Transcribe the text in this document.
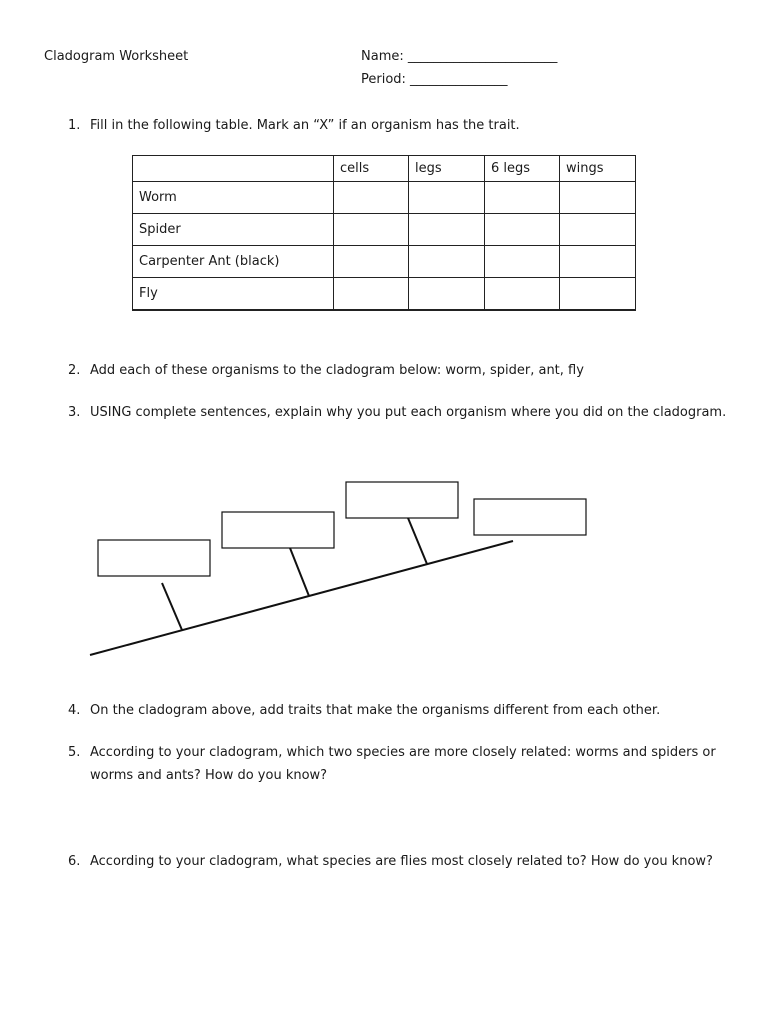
Cladogram Worksheet	Name: _______________________
Period: _______________
1. Fill in the following table. Mark an “X” if an organism has the trait.
	cells	legs	6 legs	wings
Worm				
Spider				
Carpenter Ant (black)				
Fly				
2. Add each of these organisms to the cladogram below: worm, spider, ant, fly
3. USING complete sentences, explain why you put each organism where you did on the cladogram.
4. On the cladogram above, add traits that make the organisms different from each other.
5. According to your cladogram, which two species are more closely related: worms and spiders or worms and ants? How do you know?
6. According to your cladogram, what species are flies most closely related to? How do you know?
